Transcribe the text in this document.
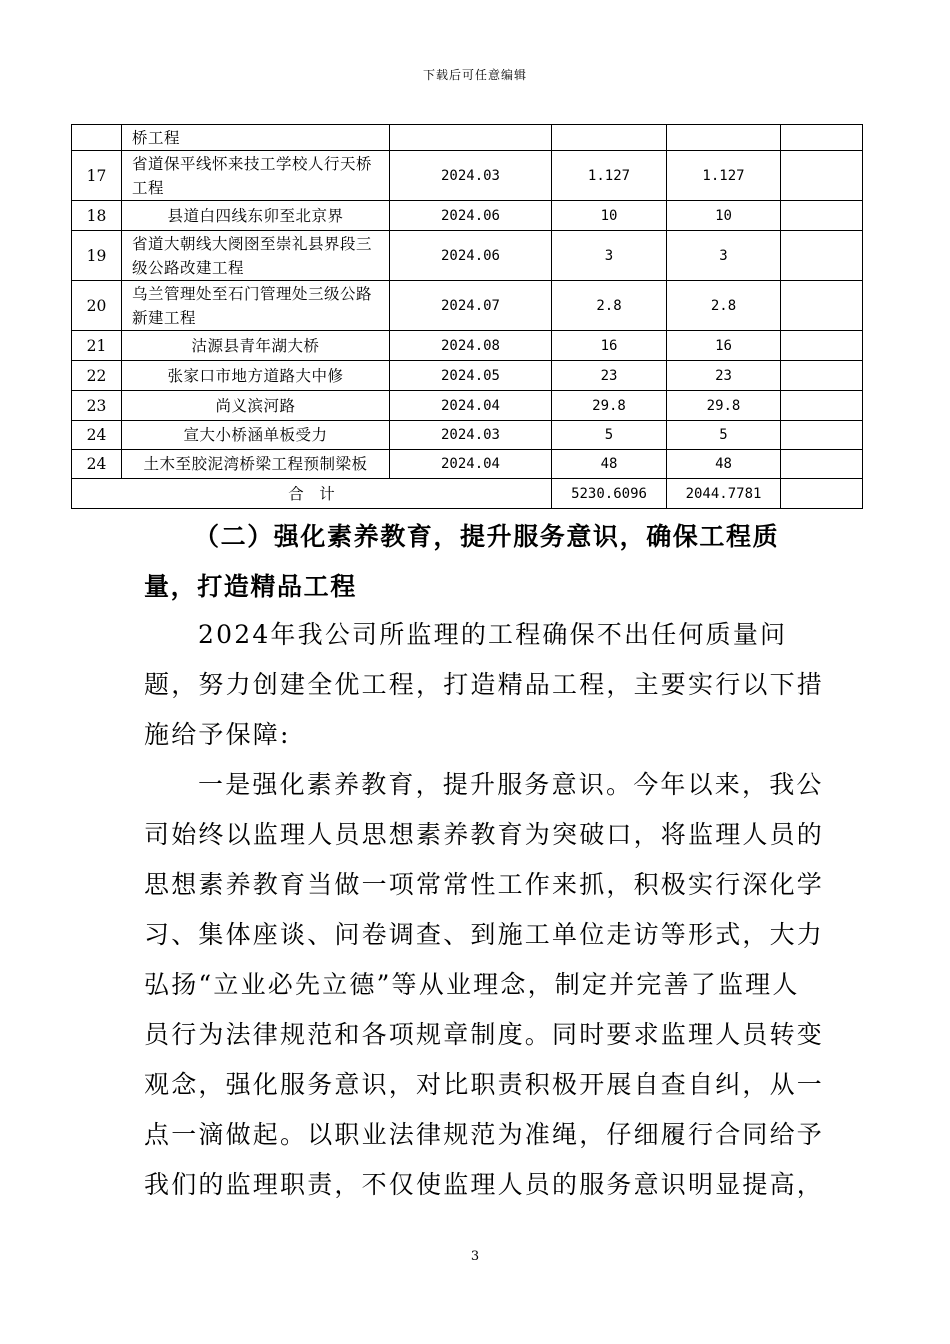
下载后可任意编辑
	桥工程				
17	省道保平线怀来技工学校人行天桥工程	2024.03	1.127	1.127	
18	县道白四线东卯至北京界	2024.06	10	10	
19	省道大朝线大阌囹至崇礼县界段三级公路改建工程	2024.06	3	3	
20	乌兰管理处至石门管理处三级公路新建工程	2024.07	2.8	2.8	
21	沽源县青年湖大桥	2024.08	16	16	
22	张家口市地方道路大中修	2024.05	23	23	
23	尚义滨河路	2024.04	29.8	29.8	
24	宣大小桥涵单板受力	2024.03	5	5	
24	土木至胶泥湾桥梁工程预制梁板	2024.04	48	48	
合　计			5230.6096	2044.7781	

（二）强化素养教育，提升服务意识，确保工程质量，打造精品工程

2024年我公司所监理的工程确保不出任何质量问题，努力创建全优工程，打造精品工程，主要实行以下措施给予保障:

一是强化素养教育，提升服务意识。今年以来，我公司始终以监理人员思想素养教育为突破口，将监理人员的思想素养教育当做一项常常性工作来抓，积极实行深化学习、集体座谈、问卷调查、到施工单位走访等形式，大力弘扬“立业必先立德”等从业理念，制定并完善了监理人员行为法律规范和各项规章制度。同时要求监理人员转变观念，强化服务意识，对比职责积极开展自查自纠，从一点一滴做起。以职业法律规范为准绳，仔细履行合同给予我们的监理职责，不仅使监理人员的服务意识明显提高，

3
